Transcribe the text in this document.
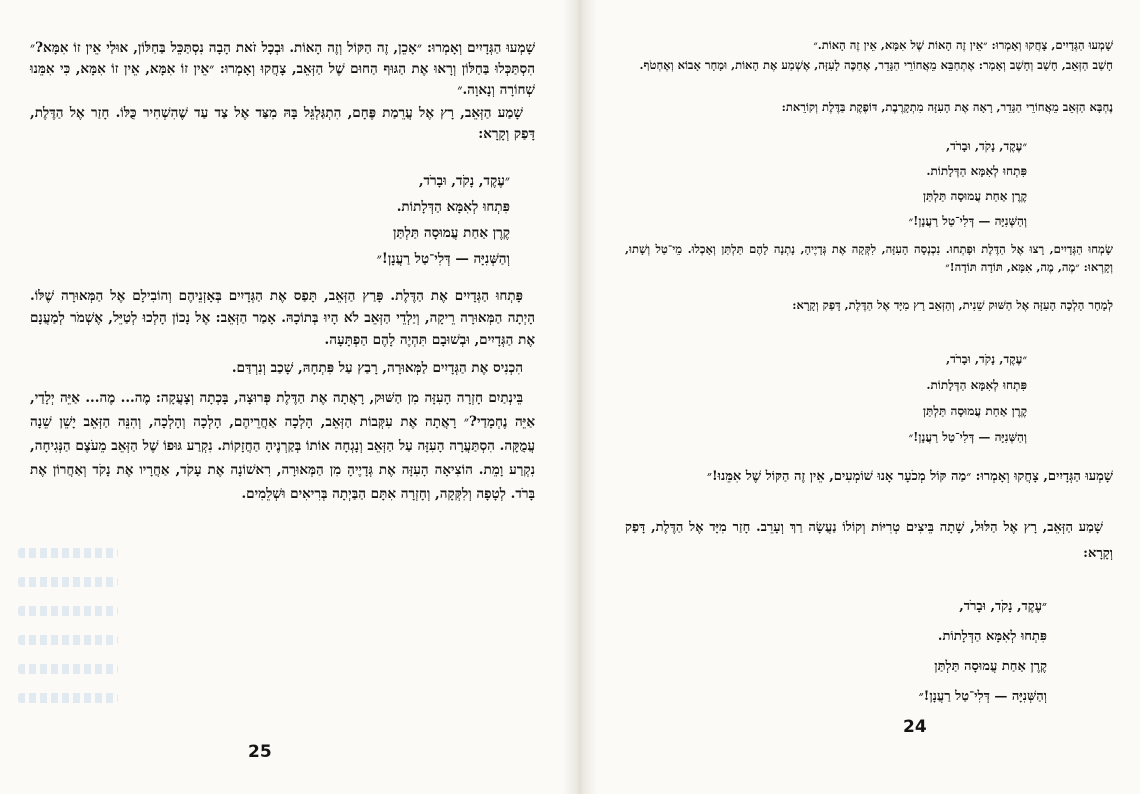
שָׁמְעוּ הַגְּדָיִים וְאָמְרוּ: ״אָכֵן, זֶה הַקּוֹל וְזֶה הָאוֹת. וּבְכָל זֹאת הָבָה נִסְתַּכֵּל בַּחַלּוֹן, אוּלַי אֵין זוֹ אִמָּא?״ הִסְתַּכְּלוּ בַּחַלּוֹן וְרָאוּ אֶת הַגּוּף הַחוּם שֶׁל הַזְּאֵב, צָחֲקוּ וְאָמְרוּ: ״אֵין זוֹ אִמָּא, אֵין זוֹ אִמָּא, כִּי אִמֵּנוּ שְׁחוֹרָה וְנָאוָה.״
שָׁמַע הַזְּאֵב, רָץ אֶל עֲרֵמַת פֶּחָם, הִתְגַּלְגֵּל בָּהּ מִצַּד אֶל צַד עַד שֶׁהִשְׁחִיר כֻּלּוֹ. חָזַר אֶל הַדֶּלֶת, דָּפַק וְקָרָא:
״עֶקֶד, נָקֹד, וּבָרֹד,
פִּתְחוּ לְאִמָּא הַדְּלָתוֹת.
קֶרֶן אַחַת עֲמוּסָה תַּלְתַּן
וְהַשְּׁנִיָּה — דְּלִי־טַל רַעֲנָן!״
פָּתְחוּ הַגְּדָיִים אֶת הַדֶּלֶת. פָּרַץ הַזְּאֵב, תָּפַס אֶת הַגְּדָיִים בְּאָזְנֵיהֶם וְהוֹבִילָם אֶל הַמְּאוּרָה שֶׁלּוֹ. הָיְתָה הַמְּאוּרָה רֵיקָה, וְיַלְדֵי הַזְּאֵב לֹא הָיוּ בְּתוֹכָהּ. אָמַר הַזְּאֵב: אֶל נָכוֹן הָלְכוּ לְטַיֵּל, אֶשְׁמֹר לְמַעֲנָם אֶת הַגְּדָיִים, וּבְשׁוּבָם תִּהְיֶה לָהֶם הַפְתָּעָה.
הִכְנִיס אֶת הַגְּדָיִים לַמְּאוּרָה, רָבַץ עַל פִּתְחָהּ, שָׁכַב וְנִרְדַּם.
בֵּינְתַיִם חָזְרָה הָעִזָּה מִן הַשּׁוּק, רָאֲתָה אֶת הַדֶּלֶת פְּרוּצָה, בָּכְתָה וְצָעֲקָה: מֶה... מֶה... אַיֵּה יְלָדַי, אַיֵּה נֶחְמָדַי?״ רָאֲתָה אֶת עִקְּבוֹת הַזְּאֵב, הָלְכָה אַחֲרֵיהֶם, הָלְכָה וְהָלְכָה, וְהִנֵּה הַזְּאֵב יָשֵׁן שֵׁנָה עֲמֻקָּה. הִסְתַּעֲרָה הָעִזָּה עַל הַזְּאֵב וְנָגְחָה אוֹתוֹ בְּקַרְנֶיהָ הַחֲזָקוֹת. נִקְרַע גּוּפוֹ שֶׁל הַזְּאֵב מֵעֹצֶם הַנְּגִיחָה, נִקְרַע וָמֵת. הוֹצִיאָה הָעִזָּה אֶת גְּדָיֶיהָ מִן הַמְּאוּרָה, רִאשׁוֹנָה אֶת עָקֹד, אַחֲרָיו אֶת נָקֹד וְאַחֲרוֹן אֶת בָּרֹד. לְטָפָה וְלִקְּקָה, וְחָזְרָה אִתָּם הַבַּיְתָה בְּרִיאִים וּשְׁלֵמִים.
25
שָׁמְעוּ הַגְּדָיִים, צָחֲקוּ וְאָמְרוּ: ״אֵין זֶה הָאוֹת שֶׁל אִמָּא, אֵין זֶה הָאוֹת.״
חָשַׁב הַזְּאֵב, חָשַׁב וְחָשַׁב וְאָמַר: אֶתְחַבֵּא מֵאֲחוֹרֵי הַגָּדֵר, אֶחַכֶּה לָעִזָּה, אֶשְׁמַע אֶת הָאוֹת, וּמָחָר אָבוֹא וְאֶחְטֹף.
נֶחְבָּא הַזְּאֵב מֵאֲחוֹרֵי הַגָּדֵר, רָאָה אֶת הָעִזָּה מִתְקָרֶבֶת, דּוֹפֶקֶת בַּדֶּלֶת וְקוֹרֵאת:
״עֶקֶד, נָקֹד, וּבָרֹד,
פִּתְחוּ לְאִמָּא הַדְּלָתוֹת.
קֶרֶן אַחַת עֲמוּסָה תַּלְתַּן
וְהַשְּׁנִיָּה — דְּלִי־טַל רַעֲנָן!״
שָׂמְחוּ הַגְּדָיִים, רָצוּ אֶל הַדֶּלֶת וּפָתְחוּ. נִכְנְסָה הָעִזָּה, לִקְּקָה אֶת גְּדָיֶיהָ, נָתְנָה לָהֶם תַּלְתַּן וְאָכְלוּ. מֵי־טַל וְשָׁתוּ, וְקָרְאוּ: ״מֶה, מֶה, אִמָּא, תּוֹדָה תּוֹדָה!״
לְמָחָר הָלְכָה הָעִזָּה אֶל הַשּׁוּק שֵׁנִית, וְהַזְּאֵב רָץ מִיָּד אֶל הַדֶּלֶת, דָּפַק וְקָרָא:
״עֶקֶד, נָקֹד, וּבָרֹד,
פִּתְחוּ לְאִמָּא הַדְּלָתוֹת.
קֶרֶן אַחַת עֲמוּסָה תַּלְתַּן
וְהַשְּׁנִיָּה — דְּלִי־טַל רַעֲנָן!״
שָׁמְעוּ הַגְּדָיִים, צָחֲקוּ וְאָמְרוּ: ״מַה קּוֹל מְכֹעָר אָנוּ שׁוֹמְעִים, אֵין זֶה הַקּוֹל שֶׁל אִמֵּנוּ!״
שָׁמַע הַזְּאֵב, רָץ אֶל הַלּוּל, שָׁתָה בֵּיצִים טְרִיּוֹת וְקוֹלוֹ נַעֲשָׂה רַךְ וְעָרֵב. חָזַר מִיָּד אֶל הַדֶּלֶת, דָּפַק וְקָרָא:
״עֶקֶד, נָקֹד, וּבָרֹד,
פִּתְחוּ לְאִמָּא הַדְּלָתוֹת.
קֶרֶן אַחַת עֲמוּסָה תַּלְתַּן
וְהַשְּׁנִיָּה — דְּלִי־טַל רַעֲנָן!״
24
